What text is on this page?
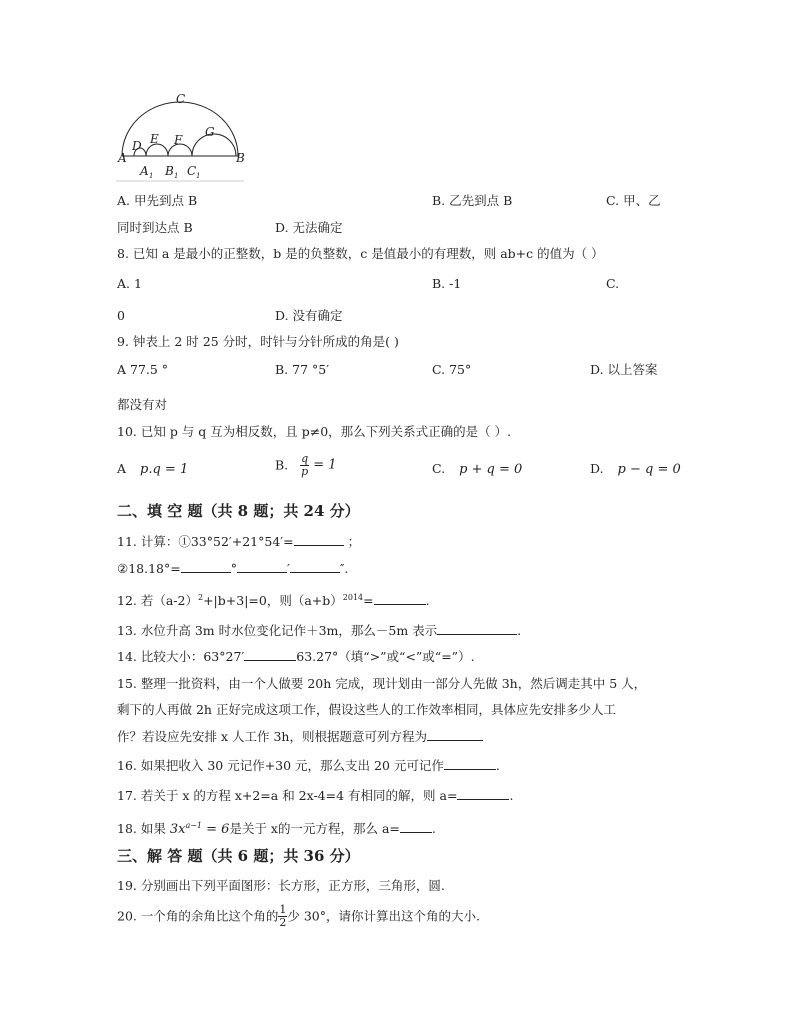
C
A	B
D E F
G
A 1 B 1 C 1
A. 甲先到点 B	B. 乙先到点 B	C. 甲、乙
同时到达点 B	D. 无法确定
8. 已知 a 是最小的正整数，b 是的负整数，c 是值最小的有理数，则 ab+c 的值为（ ）
A. 1	B. -1	C.
0	D. 没有确定
9. 钟表上 2 时 25 分时，时针与分针所成的角是( )
A 77.5 °	B. 77 °5′	C. 75°	D. 以上答案
都没有对
10. 已知 p 与 q 互为相反数，且 p≠0，那么下列关系式正确的是（ ）.
A p.q = 1	B. $\frac{q}{p} = 1$	C. p + q = 0	D. p − q = 0
二、填 空 题（共 8 题；共 24 分）
11. 计算：①33°52′+21°54′=	；
②18.18°=	°	′	″.
12. 若$(a-2)^2+|b+3|=0$，则$(a+b)^{2014}=$	.
13. 水位升高 3m 时水位变化记作＋3m，那么－5m 表示	.
14. 比较大小：63°27′	63.27°（填“>”或“<”或“=”）.
15. 整理一批资料，由一个人做要 20h 完成，现计划由一部分人先做 3h，然后调走其中 5 人，
剩下的人再做 2h 正好完成这项工作，假设这些人的工作效率相同，具体应先安排多少人工
作？若设应先安排 x 人工作 3h，则根据题意可列方程为
16. 如果把收入 30 元记作+30 元，那么支出 20 元可记作	.
17. 若关于 x 的方程 x+2=a 和 2x-4=4 有相同的解，则 a=	.
18. 如果 $3x^{a-1} = 6$是关于 x的一元方程，那么 a=	.
三、解 答 题（共 6 题；共 36 分）
19. 分别画出下列平面图形：长方形，正方形，三角形，圆.
20. 一个角的余角比这个角的 $\frac{1}{2}$ 少 30°，请你计算出这个角的大小.
